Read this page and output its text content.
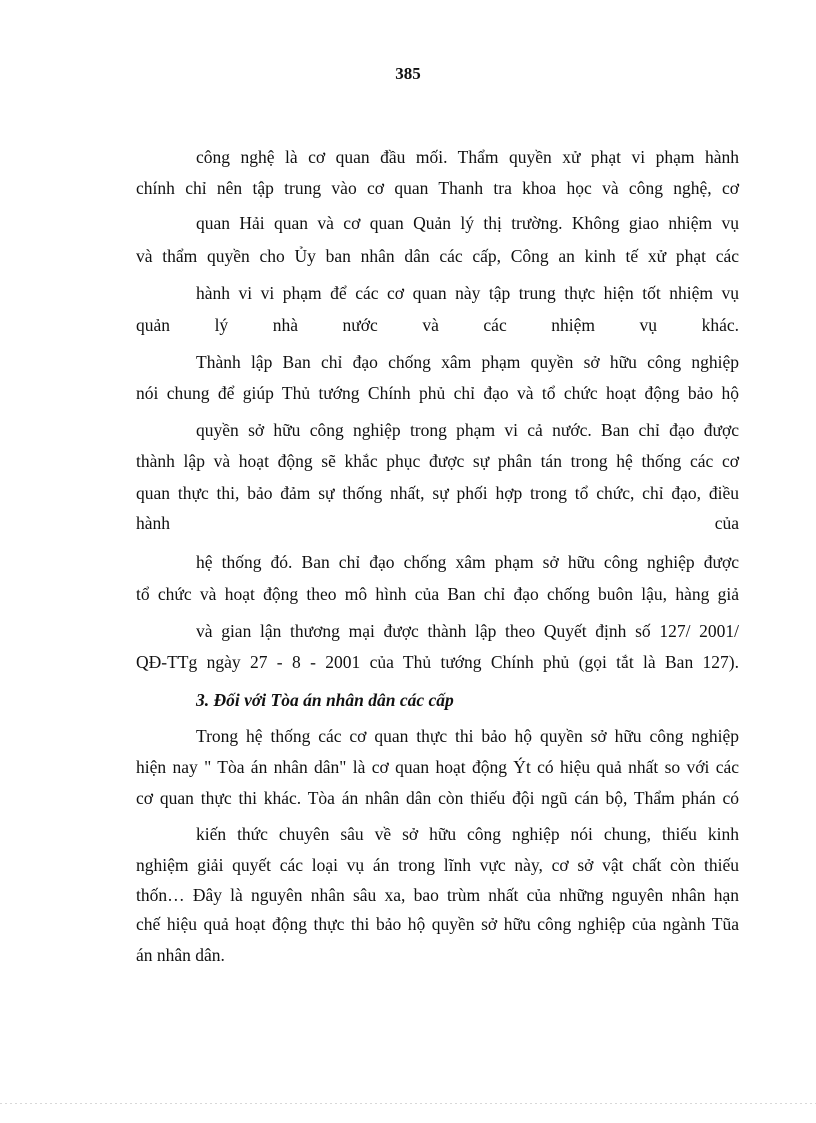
385
công nghệ là cơ quan đầu mối. Thẩm quyền xử phạt vi phạm hành
chính chỉ nên tập trung vào cơ quan Thanh tra khoa học và công nghệ, cơ
quan Hải quan và cơ quan Quản lý thị trường. Không giao nhiệm vụ
và thẩm quyền cho Ủy ban nhân dân các cấp, Công an kinh tế xử phạt các
hành vi vi phạm để các cơ quan này tập trung thực hiện tốt nhiệm vụ
quản lý nhà nước và các nhiệm vụ khác.
Thành lập Ban chỉ đạo chống xâm phạm quyền sở hữu công nghiệp
nói chung để giúp Thủ tướng Chính phủ chỉ đạo và tổ chức hoạt động bảo hộ
quyền sở hữu công nghiệp trong phạm vi cả nước. Ban chỉ đạo được
thành lập và hoạt động sẽ khắc phục được sự phân tán trong hệ thống các cơ
quan thực thi, bảo đảm sự thống nhất, sự phối hợp trong tổ chức, chỉ đạo, điều
hành của
hệ thống đó. Ban chỉ đạo chống xâm phạm sở hữu công nghiệp được
tổ chức và hoạt động theo mô hình của Ban chỉ đạo chống buôn lậu, hàng giả
và gian lận thương mại được thành lập theo Quyết định số 127/ 2001/
QĐ-TTg ngày 27 - 8 - 2001 của Thủ tướng Chính phủ (gọi tắt là Ban 127).
3. Đối với Tòa án nhân dân các cấp
Trong hệ thống các cơ quan thực thi bảo hộ quyền sở hữu công nghiệp
hiện nay " Tòa án nhân dân" là cơ quan hoạt động Ýt có hiệu quả nhất so với các
cơ quan thực thi khác. Tòa án nhân dân còn thiếu đội ngũ cán bộ, Thẩm phán có
kiến thức chuyên sâu về sở hữu công nghiệp nói chung, thiếu kinh
nghiệm giải quyết các loại vụ án trong lĩnh vực này, cơ sở vật chất còn thiếu
thốn… Đây là nguyên nhân sâu xa, bao trùm nhất của những nguyên nhân hạn
chế hiệu quả hoạt động thực thi bảo hộ quyền sở hữu công nghiệp của ngành Tũa
án nhân dân.
